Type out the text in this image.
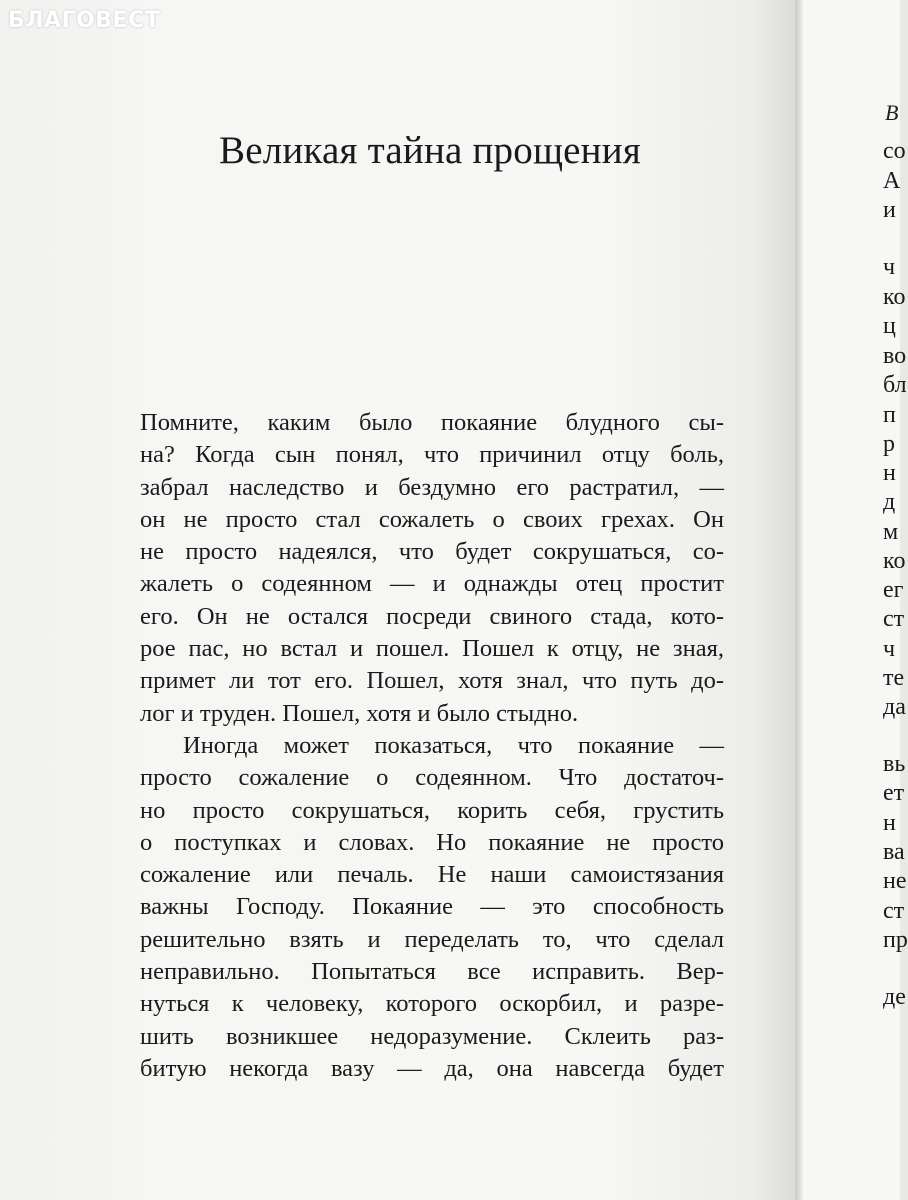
Великая тайна прощения

Помните, каким было покаяние блудного сы-
на? Когда сын понял, что причинил отцу боль,
забрал наследство и бездумно его растратил, —
он не просто стал сожалеть о своих грехах. Он
не просто надеялся, что будет сокрушаться, со-
жалеть о содеянном — и однажды отец простит
его. Он не остался посреди свиного стада, кото-
рое пас, но встал и пошел. Пошел к отцу, не зная,
примет ли тот его. Пошел, хотя знал, что путь до-
лог и труден. Пошел, хотя и было стыдно.

Иногда может показаться, что покаяние —
просто сожаление о содеянном. Что достаточ-
но просто сокрушаться, корить себя, грустить
о поступках и словах. Но покаяние не просто
сожаление или печаль. Не наши самоистязания
важны Господу. Покаяние — это способность
решительно взять и переделать то, что сделал
неправильно. Попытаться все исправить. Вер-
нуться к человеку, которого оскорбил, и разре-
шить возникшее недоразумение. Склеить раз-
битую некогда вазу — да, она навсегда будет

БЛАГОВЕСТ
В
со
А
и
ч
ко
ц
во
бл
п
р
н
д
м
ко
ег
ст
ч
те
да
вь
ет
н
ва
не
ст
пр
де
